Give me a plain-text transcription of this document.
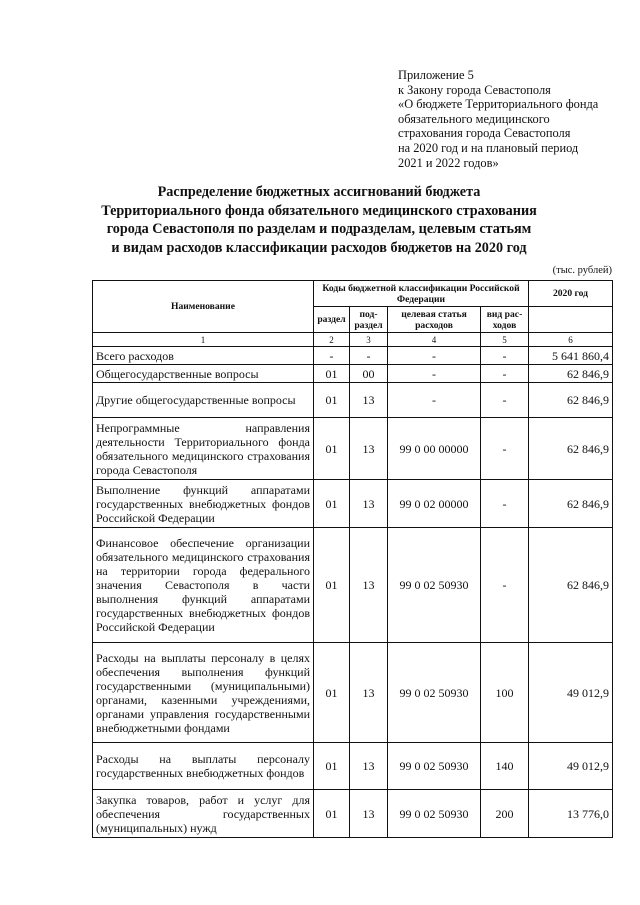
Приложение 5
к Закону города Севастополя
«О бюджете Территориального фонда
обязательного медицинского
страхования города Севастополя
на 2020 год и на плановый период
2021 и 2022 годов»
Распределение бюджетных ассигнований бюджета
Территориального фонда обязательного медицинского страхования
города Севастополя по разделам и подразделам, целевым статьям
и видам расходов классификации расходов бюджетов на 2020 год
(тыс. рублей)
Наименование	Коды бюджетной классификации Российской Федерации				2020 год
	раздел	под-раздел	целевая статья расходов	вид рас-ходов	
1	2	3	4	5	6
Всего расходов	-	-	-	-	5 641 860,4
Общегосударственные вопросы	01	00	-	-	62 846,9
Другие общегосударственные вопросы	01	13	-	-	62 846,9
Непрограммные направления деятельности Территориального фонда обязательного медицинского страхования города Севастополя	01	13	99 0 00 00000	-	62 846,9
Выполнение функций аппаратами государственных внебюджетных фондов Российской Федерации	01	13	99 0 02 00000	-	62 846,9
Финансовое обеспечение организации обязательного медицинского страхования на территории города федерального значения Севастополя в части выполнения функций аппаратами государственных внебюджетных фондов Российской Федерации	01	13	99 0 02 50930	-	62 846,9
Расходы на выплаты персоналу в целях обеспечения выполнения функций государственными (муниципальными) органами, казенными учреждениями, органами управления государственными внебюджетными фондами	01	13	99 0 02 50930	100	49 012,9
Расходы на выплаты персоналу государственных внебюджетных фондов	01	13	99 0 02 50930	140	49 012,9
Закупка товаров, работ и услуг для обеспечения государственных (муниципальных) нужд	01	13	99 0 02 50930	200	13 776,0
